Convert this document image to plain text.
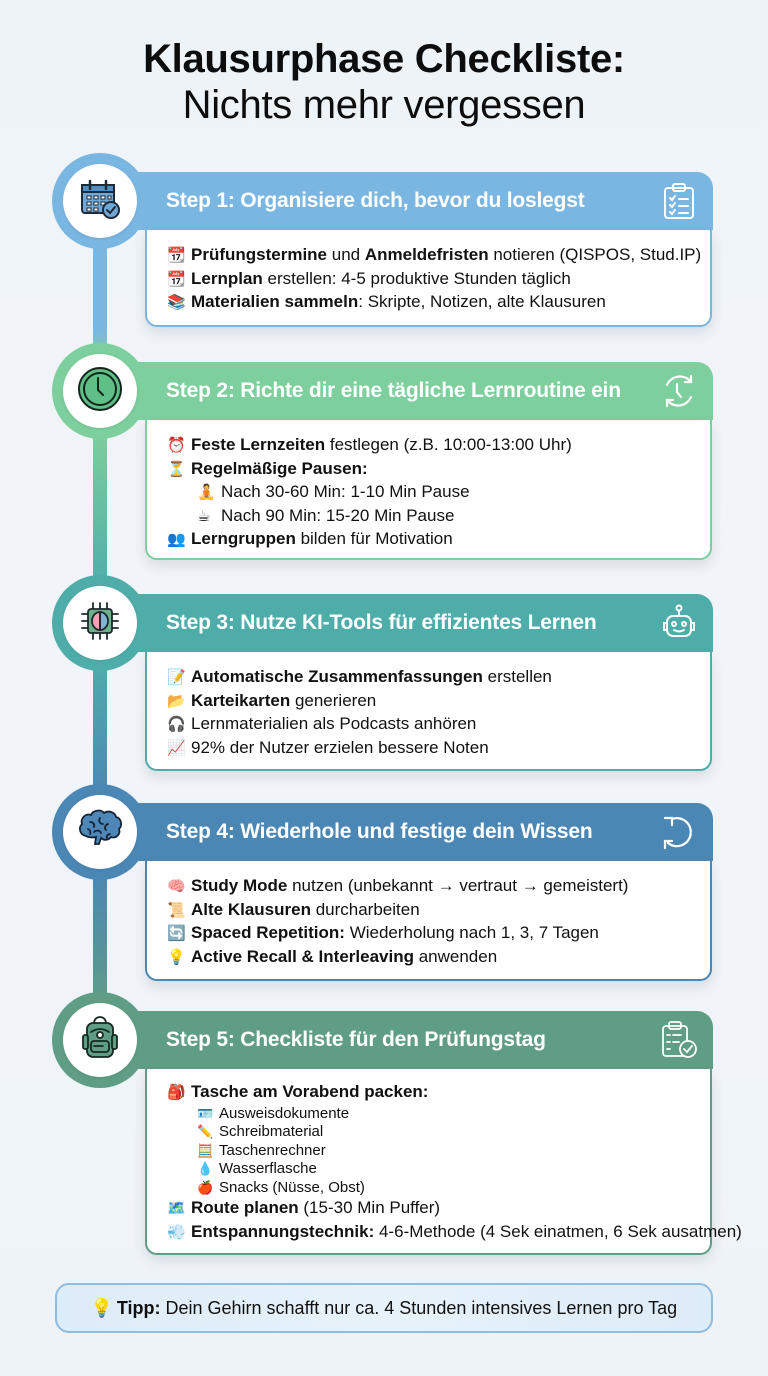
Klausurphase Checkliste:
Nichts mehr vergessen
Step 1: Organisiere dich, bevor du loslegst
📆 Prüfungstermine und Anmeldefristen notieren (QISPOS, Stud.IP)
📆 Lernplan erstellen: 4-5 produktive Stunden täglich
📚 Materialien sammeln: Skripte, Notizen, alte Klausuren
Step 2: Richte dir eine tägliche Lernroutine ein
⏰ Feste Lernzeiten festlegen (z.B. 10:00-13:00 Uhr)
⏳ Regelmäßige Pausen:
🧘 Nach 30-60 Min: 1-10 Min Pause
☕ Nach 90 Min: 15-20 Min Pause
👥 Lerngruppen bilden für Motivation
Step 3: Nutze KI-Tools für effizientes Lernen
📝 Automatische Zusammenfassungen erstellen
📂 Karteikarten generieren
🎧 Lernmaterialien als Podcasts anhören
📈 92% der Nutzer erzielen bessere Noten
Step 4: Wiederhole und festige dein Wissen
🧠 Study Mode nutzen (unbekannt → vertraut → gemeistert)
📜 Alte Klausuren durcharbeiten
🔄 Spaced Repetition: Wiederholung nach 1, 3, 7 Tagen
💡 Active Recall & Interleaving anwenden
Step 5: Checkliste für den Prüfungstag
🎒 Tasche am Vorabend packen:
🪪 Ausweisdokumente
✏️ Schreibmaterial
🧮 Taschenrechner
💧 Wasserflasche
🍎 Snacks (Nüsse, Obst)
🗺️ Route planen (15-30 Min Puffer)
💨 Entspannungstechnik: 4-6-Methode (4 Sek einatmen, 6 Sek ausatmen)
💡 Tipp: Dein Gehirn schafft nur ca. 4 Stunden intensives Lernen pro Tag
